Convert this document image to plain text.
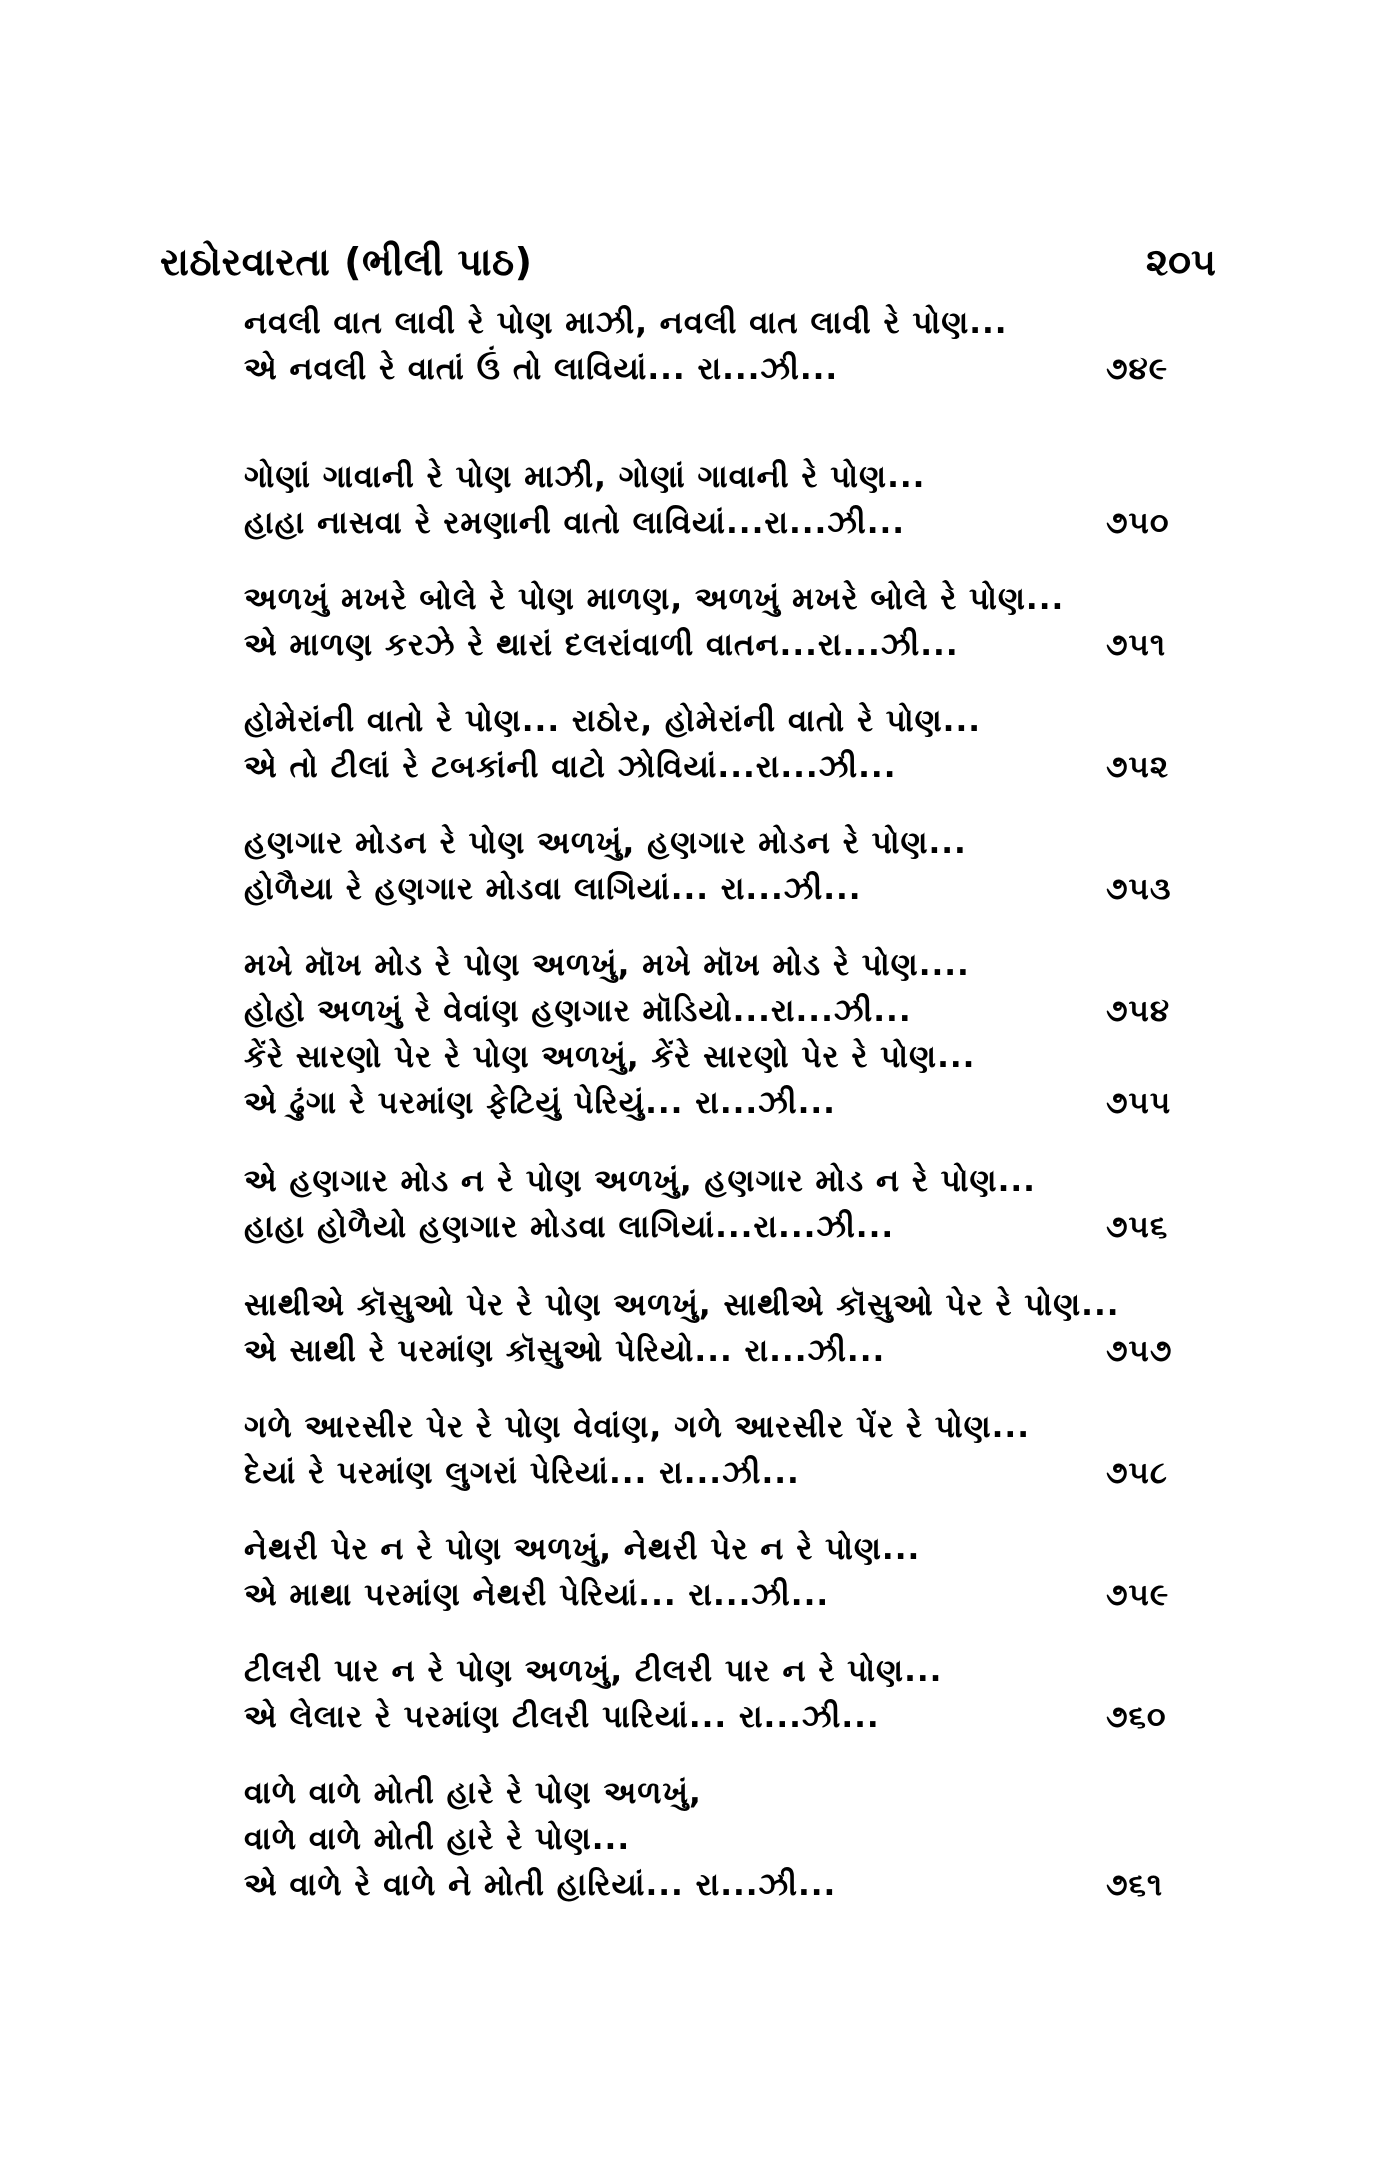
રાઠોરવારતા (ભીલી પાઠ)	૨૦૫
નવલી વાત લાવી રે પોણ માઝી, નવલી વાત લાવી રે પોણ...
એ નવલી રે વાતાં ઉં તો લાવિયાં... રા...ઝી...	૭૪૯
ગોણાં ગાવાની રે પોણ માઝી, ગોણાં ગાવાની રે પોણ...
હાહા નાસવા રે રમણાની વાતો લાવિયાં...રા...ઝી...	૭૫૦
અળખું મખરે બોલે રે પોણ માળણ, અળખું મખરે બોલે રે પોણ...
એ માળણ કરઝે રે થારાં દલરાંવાળી વાતન...રા...ઝી...	૭૫૧
હોમેરાંની વાતો રે પોણ... રાઠોર, હોમેરાંની વાતો રે પોણ...
એ તો ટીલાં રે ટબકાંની વાટો ઝોવિયાં...રા...ઝી...	૭૫૨
હણગાર મોડન રે પોણ અળખું, હણગાર મોડન રે પોણ...
હોળૈયા રે હણગાર મોડવા લાગિયાં... રા...ઝી...	૭૫૩
મખે મૉખ મોડ રે પોણ અળખું, મખે મૉખ મોડ રે પોણ....
હોહો અળખું રે વેવાંણ હણગાર મૉડિયો...રા...ઝી...	૭૫૪
કેંરે સારણો પેર રે પોણ અળખું, કેંરે સારણો પેર રે પોણ...
એ ઢુંગા રે પરમાંણ ફેટિયું પેરિયું... રા...ઝી...	૭૫૫
એ હણગાર મોડ ન રે પોણ અળખું, હણગાર મોડ ન રે પોણ...
હાહા હોળૈયો હણગાર મોડવા લાગિયાં...રા...ઝી...	૭૫૬
સાથીએ કૉસુઓ પેર રે પોણ અળખું, સાથીએ કૉસુઓ પેર રે પોણ...
એ સાથી રે પરમાંણ કૉસુઓ પેરિયો... રા...ઝી...	૭૫૭
ગળે આરસીર પેર રે પોણ વેવાંણ, ગળે આરસીર પેંર રે પોણ...
દેયાં રે પરમાંણ લુગરાં પેરિયાં... રા...ઝી...	૭૫૮
નેથરી પેર ન રે પોણ અળખું, નેથરી પેર ન રે પોણ...
એ માથા પરમાંણ નેથરી પેરિયાં... રા...ઝી...	૭૫૯
ટીલરી પાર ન રે પોણ અળખું, ટીલરી પાર ન રે પોણ...
એ લેલાર રે પરમાંણ ટીલરી પારિયાં... રા...ઝી...	૭૬૦
વાળે વાળે મોતી હારે રે પોણ અળખું,
વાળે વાળે મોતી હારે રે પોણ...
એ વાળે રે વાળે ને મોતી હારિયાં... રા...ઝી...	૭૬૧
